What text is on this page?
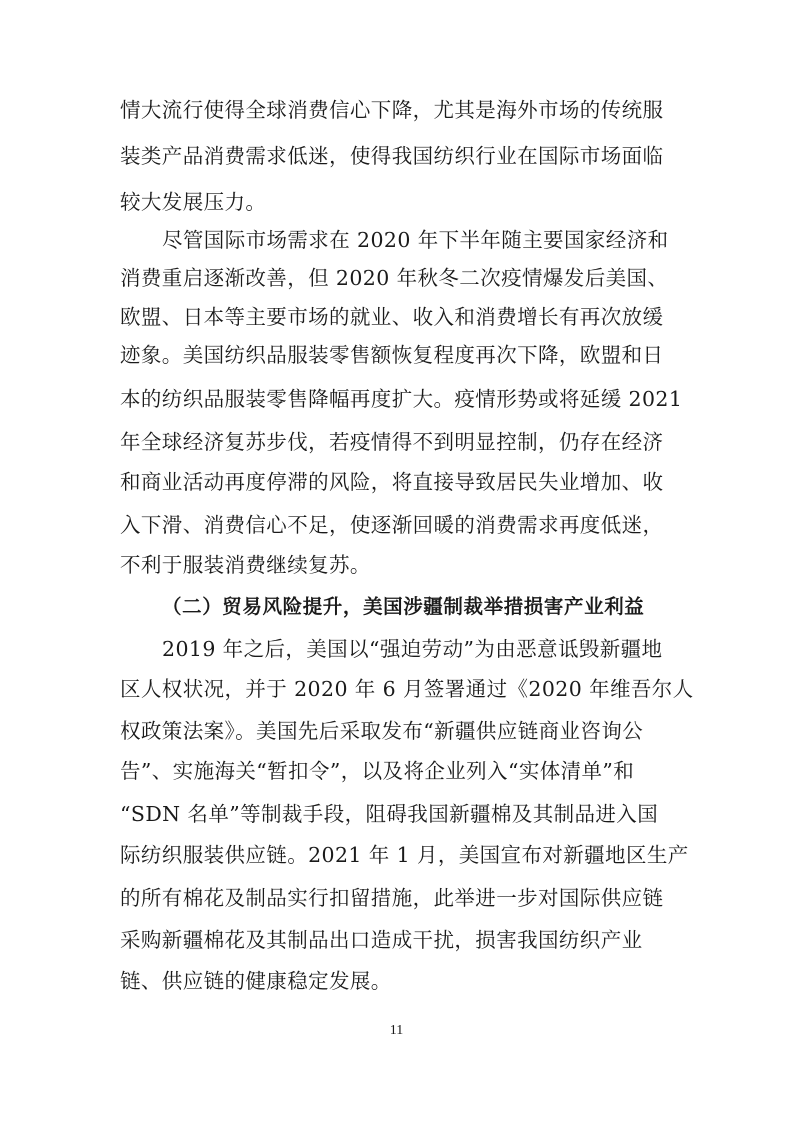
情大流行使得全球消费信心下降，尤其是海外市场的传统服
装类产品消费需求低迷，使得我国纺织行业在国际市场面临
较大发展压力。
尽管国际市场需求在 2020 年下半年随主要国家经济和
消费重启逐渐改善，但 2020 年秋冬二次疫情爆发后美国、
欧盟、日本等主要市场的就业、收入和消费增长有再次放缓
迹象。美国纺织品服装零售额恢复程度再次下降，欧盟和日
本的纺织品服装零售降幅再度扩大。疫情形势或将延缓 2021
年全球经济复苏步伐，若疫情得不到明显控制，仍存在经济
和商业活动再度停滞的风险，将直接导致居民失业增加、收
入下滑、消费信心不足，使逐渐回暖的消费需求再度低迷，
不利于服装消费继续复苏。
（二）贸易风险提升，美国涉疆制裁举措损害产业利益
2019 年之后，美国以“强迫劳动”为由恶意诋毁新疆地
区人权状况，并于 2020 年 6 月签署通过《2020 年维吾尔人
权政策法案》。美国先后采取发布“新疆供应链商业咨询公
告”、实施海关“暂扣令”，以及将企业列入“实体清单”和
“SDN 名单”等制裁手段，阻碍我国新疆棉及其制品进入国
际纺织服装供应链。2021 年 1 月，美国宣布对新疆地区生产
的所有棉花及制品实行扣留措施，此举进一步对国际供应链
采购新疆棉花及其制品出口造成干扰，损害我国纺织产业
链、供应链的健康稳定发展。
11
